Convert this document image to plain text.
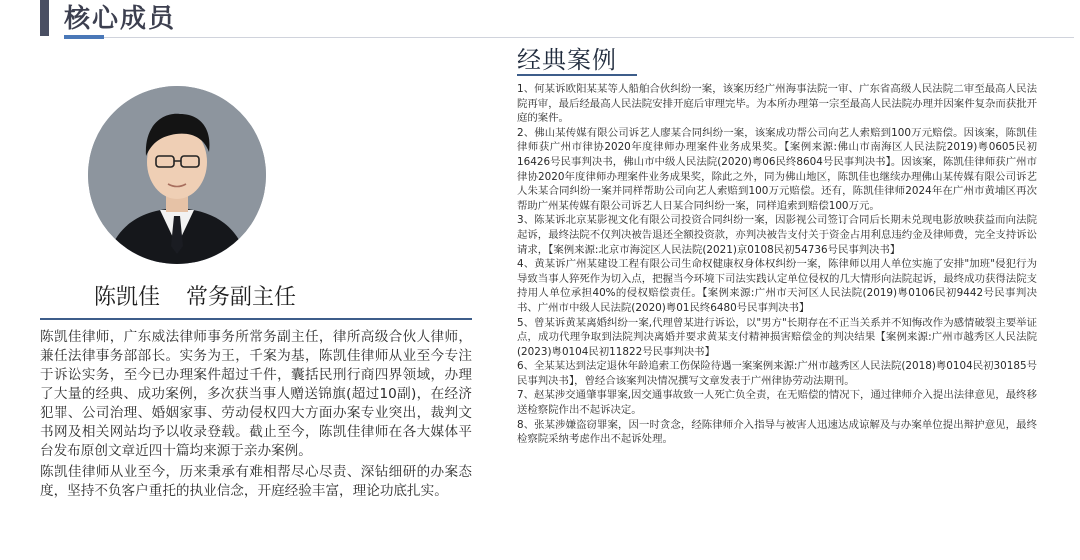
核心成员
陈凯佳 常务副主任

陈凯佳律师，广东威法律师事务所常务副主任，律所高级合伙人律师，兼任法律事务部部长。实务为王，千案为基，陈凯佳律师从业至今专注于诉讼实务，至今已办理案件超过千件，囊括民刑行商四界领域，办理了大量的经典、成功案例，多次获当事人赠送锦旗(超过10副)，在经济犯罪、公司治理、婚姻家事、劳动侵权四大方面办案专业突出，裁判文书网及相关网站均予以收录登载。截止至今，陈凯佳律师在各大媒体平台发布原创文章近四十篇均来源于亲办案例。

陈凯佳律师从业至今，历来秉承有难相帮尽心尽责、深钻细研的办案态度，坚持不负客户重托的执业信念，开庭经验丰富，理论功底扎实。

经典案例

1、何某诉欧阳某某等人船舶合伙纠纷一案，该案历经广州海事法院一审、广东省高级人民法院二审至最高人民法院再审，最后经最高人民法院安排开庭后审理完毕。为本所办理第一宗至最高人民法院办理并因案件复杂而获批开庭的案件。

2、佛山某传媒有限公司诉艺人廖某合同纠纷一案，该案成功帮公司向艺人索赔到100万元赔偿。因该案，陈凯佳律师获广州市律协2020年度律师办理案件业务成果奖。【案例来源:佛山市南海区人民法院2019)粤0605民初16426号民事判决书，佛山市中级人民法院(2020)粤06民终8604号民事判决书】。因该案，陈凯佳律师获广州市律协2020年度律师办理案件业务成果奖，除此之外，同为佛山地区，陈凯佳也继续办理佛山某传媒有限公司诉艺人朱某合同纠纷一案并同样帮助公司向艺人索赔到100万元赔偿。还有，陈凯佳律师2024年在广州市黄埔区再次帮助广州某传媒有限公司诉艺人日某合同纠纷一案，同样追索到赔偿100万元。

3、陈某诉北京某影视文化有限公司投资合同纠纷一案，因影视公司签订合同后长期未兑现电影放映获益而向法院起诉，最终法院不仅判决被告退还全额投资款，亦判决被告支付关于资金占用利息违约金及律师费，完全支持诉讼请求，【案例来源:北京市海淀区人民法院(2021)京0108民初54736号民事判决书】

4、黄某诉广州某建设工程有限公司生命权健康权身体权纠纷一案，陈律师以用人单位实施了安排"加班"侵犯行为导致当事人猝死作为切入点，把握当今环境下司法实践认定单位侵权的几大情形向法院起诉，最终成功获得法院支持用人单位承担40%的侵权赔偿责任。【案例来源:广州市天河区人民法院(2019)粤0106民初9442号民事判决书、广州市中级人民法院(2020)粤01民终6480号民事判决书】

5、曾某诉黄某离婚纠纷一案,代理曾某进行诉讼，以"男方"长期存在不正当关系并不知悔改作为感情破裂主要举证点，成功代理争取到法院判决离婚并要求黄某支付精神损害赔偿金的判决结果【案例来源:广州市越秀区人民法院(2023)粤0104民初11822号民事判决书】

6、全某某达到法定退休年龄追索工伤保险待遇一案案例来源:广州市越秀区人民法院(2018)粤0104民初30185号民事判决书】，曾经合该案判决情况撰写文章发表于广州律协劳动法期刊。

7、赵某涉交通肇事罪案,因交通事故致一人死亡负全责，在无赔偿的情况下，通过律师介入提出法律意见，最终移送检察院作出不起诉决定。

8、张某涉嫌盗窃罪案，因一时贪念，经陈律师介入指导与被害人迅速达成谅解及与办案单位提出辩护意见，最终检察院采纳考虑作出不起诉处理。
